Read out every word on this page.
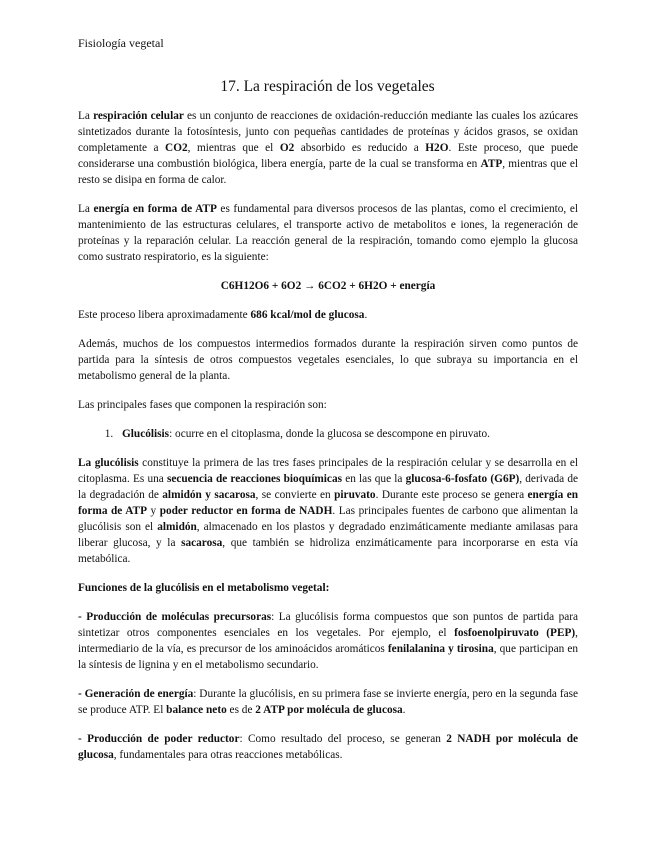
Fisiología vegetal
17. La respiración de los vegetales

La respiración celular es un conjunto de reacciones de oxidación-reducción mediante las cuales los azúcares sintetizados durante la fotosíntesis, junto con pequeñas cantidades de proteínas y ácidos grasos, se oxidan completamente a CO2, mientras que el O2 absorbido es reducido a H2O. Este proceso, que puede considerarse una combustión biológica, libera energía, parte de la cual se transforma en ATP, mientras que el resto se disipa en forma de calor.

La energía en forma de ATP es fundamental para diversos procesos de las plantas, como el crecimiento, el mantenimiento de las estructuras celulares, el transporte activo de metabolitos e iones, la regeneración de proteínas y la reparación celular. La reacción general de la respiración, tomando como ejemplo la glucosa como sustrato respiratorio, es la siguiente:

C6H12O6 + 6O2 → 6CO2 + 6H2O + energía

Este proceso libera aproximadamente 686 kcal/mol de glucosa.

Además, muchos de los compuestos intermedios formados durante la respiración sirven como puntos de partida para la síntesis de otros compuestos vegetales esenciales, lo que subraya su importancia en el metabolismo general de la planta.

Las principales fases que componen la respiración son:

1. Glucólisis: ocurre en el citoplasma, donde la glucosa se descompone en piruvato.

La glucólisis constituye la primera de las tres fases principales de la respiración celular y se desarrolla en el citoplasma. Es una secuencia de reacciones bioquímicas en las que la glucosa-6-fosfato (G6P), derivada de la degradación de almidón y sacarosa, se convierte en piruvato. Durante este proceso se genera energía en forma de ATP y poder reductor en forma de NADH. Las principales fuentes de carbono que alimentan la glucólisis son el almidón, almacenado en los plastos y degradado enzimáticamente mediante amilasas para liberar glucosa, y la sacarosa, que también se hidroliza enzimáticamente para incorporarse en esta vía metabólica.

Funciones de la glucólisis en el metabolismo vegetal:

- Producción de moléculas precursoras: La glucólisis forma compuestos que son puntos de partida para sintetizar otros componentes esenciales en los vegetales. Por ejemplo, el fosfoenolpiruvato (PEP), intermediario de la vía, es precursor de los aminoácidos aromáticos fenilalanina y tirosina, que participan en la síntesis de lignina y en el metabolismo secundario.

- Generación de energía: Durante la glucólisis, en su primera fase se invierte energía, pero en la segunda fase se produce ATP. El balance neto es de 2 ATP por molécula de glucosa.

- Producción de poder reductor: Como resultado del proceso, se generan 2 NADH por molécula de glucosa, fundamentales para otras reacciones metabólicas.
